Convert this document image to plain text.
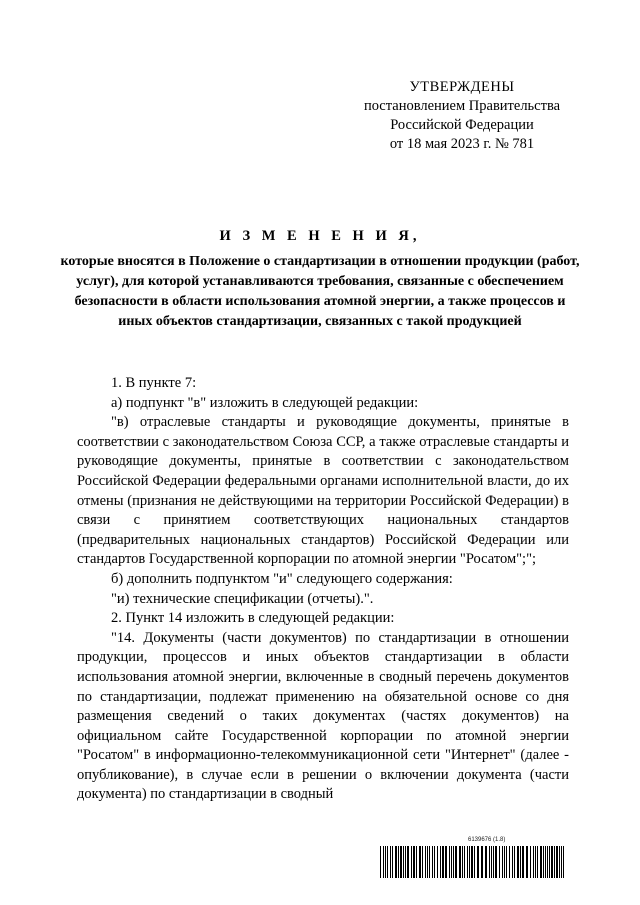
УТВЕРЖДЕНЫ
постановлением Правительства
Российской Федерации
от 18 мая 2023 г. № 781
И З М Е Н Е Н И Я,
которые вносятся в Положение о стандартизации в отношении продукции (работ, услуг), для которой устанавливаются требования, связанные с обеспечением безопасности в области использования атомной энергии, а также процессов и иных объектов стандартизации, связанных с такой продукцией

1. В пункте 7:

а) подпункт "в" изложить в следующей редакции:

"в) отраслевые стандарты и руководящие документы, принятые в соответствии с законодательством Союза ССР, а также отраслевые стандарты и руководящие документы, принятые в соответствии с законодательством Российской Федерации федеральными органами исполнительной власти, до их отмены (признания не действующими на территории Российской Федерации) в связи с принятием соответствующих национальных стандартов (предварительных национальных стандартов) Российской Федерации или стандартов Государственной корпорации по атомной энергии "Росатом";";

б) дополнить подпунктом "и" следующего содержания:

"и) технические спецификации (отчеты).".

2. Пункт 14 изложить в следующей редакции:

"14. Документы (части документов) по стандартизации в отношении продукции, процессов и иных объектов стандартизации в области использования атомной энергии, включенные в сводный перечень документов по стандартизации, подлежат применению на обязательной основе со дня размещения сведений о таких документах (частях документов) на официальном сайте Государственной корпорации по атомной энергии "Росатом" в информационно-телекоммуникационной сети "Интернет" (далее - опубликование), в случае если в решении о включении документа (части документа) по стандартизации в сводный

6139676 (1.8)
